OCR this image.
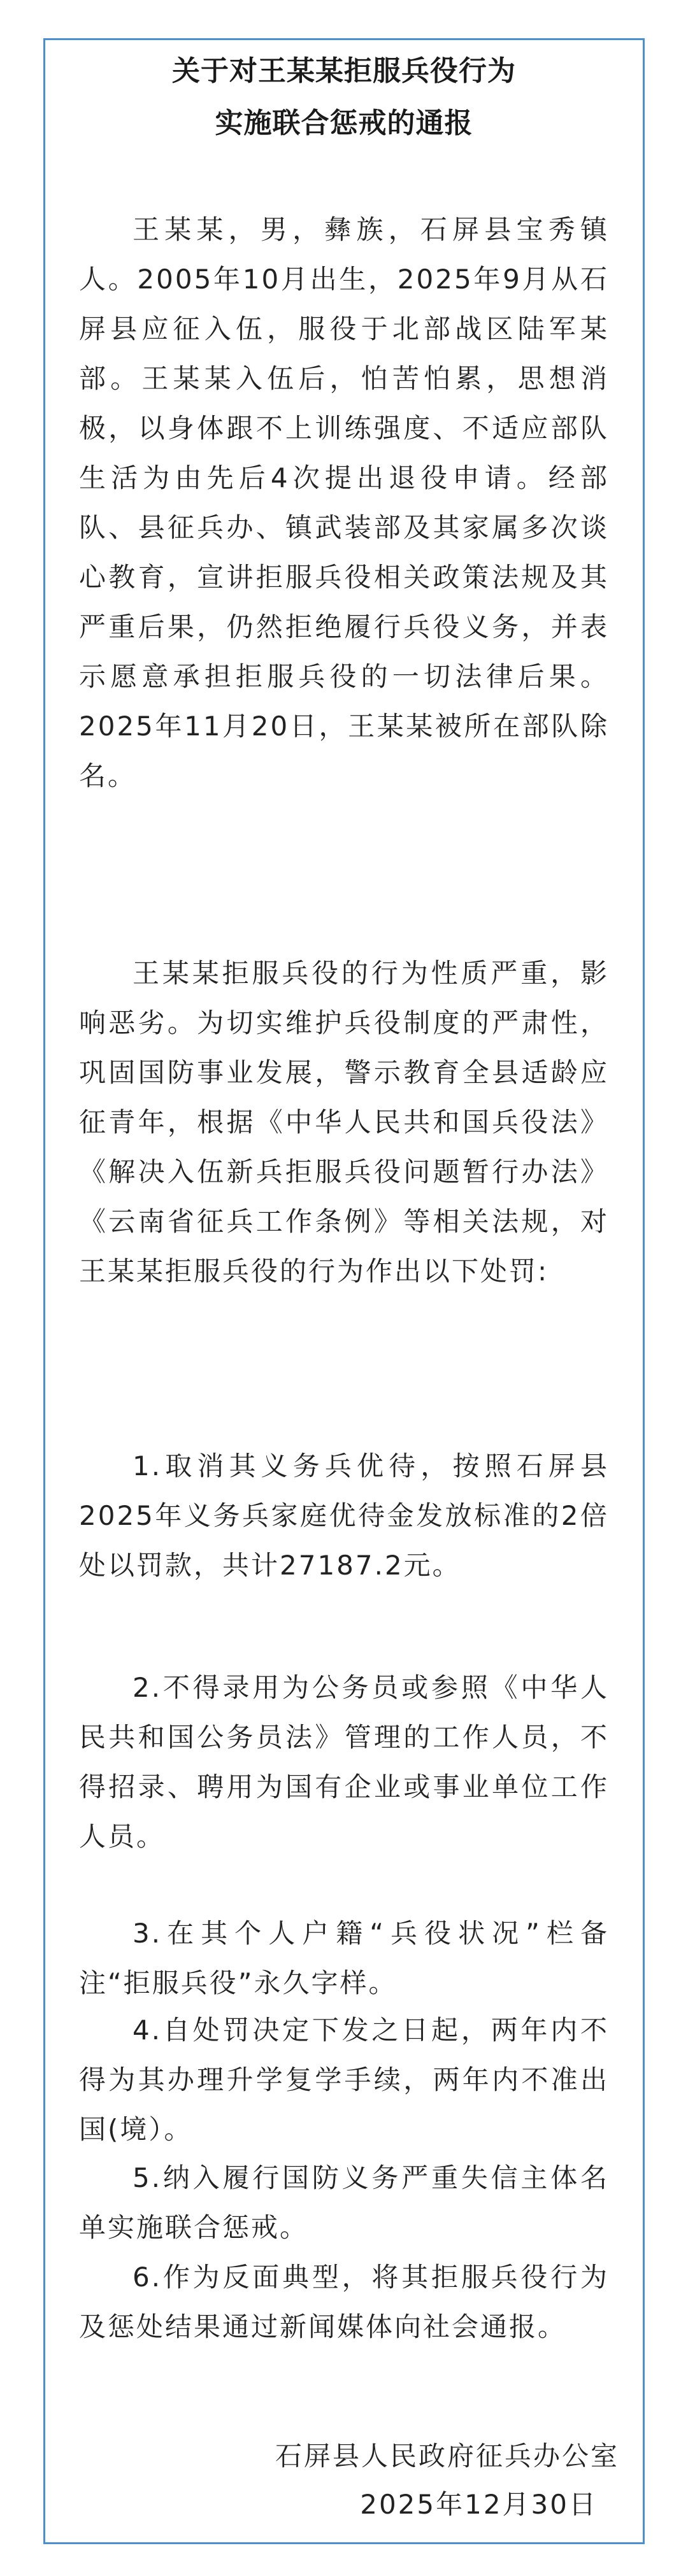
关于对王某某拒服兵役行为
实施联合惩戒的通报

王某某，男，彝族，石屏县宝秀镇人。2005年10月出生，2025年9月从石屏县应征入伍，服役于北部战区陆军某部。王某某入伍后，怕苦怕累，思想消极，以身体跟不上训练强度、不适应部队生活为由先后4次提出退役申请。经部队、县征兵办、镇武装部及其家属多次谈心教育，宣讲拒服兵役相关政策法规及其严重后果，仍然拒绝履行兵役义务，并表示愿意承担拒服兵役的一切法律后果。2025年11月20日，王某某被所在部队除名。

王某某拒服兵役的行为性质严重，影响恶劣。为切实维护兵役制度的严肃性，巩固国防事业发展，警示教育全县适龄应征青年，根据《中华人民共和国兵役法》《解决入伍新兵拒服兵役问题暂行办法》《云南省征兵工作条例》等相关法规，对王某某拒服兵役的行为作出以下处罚:

1.取消其义务兵优待，按照石屏县2025年义务兵家庭优待金发放标准的2倍处以罚款，共计27187.2元。

2.不得录用为公务员或参照《中华人民共和国公务员法》管理的工作人员，不得招录、聘用为国有企业或事业单位工作人员。

3.在其个人户籍“兵役状况”栏备注“拒服兵役”永久字样。

4.自处罚决定下发之日起，两年内不得为其办理升学复学手续，两年内不准出国(境）。

5.纳入履行国防义务严重失信主体名单实施联合惩戒。

6.作为反面典型，将其拒服兵役行为及惩处结果通过新闻媒体向社会通报。

石屏县人民政府征兵办公室
2025年12月30日
